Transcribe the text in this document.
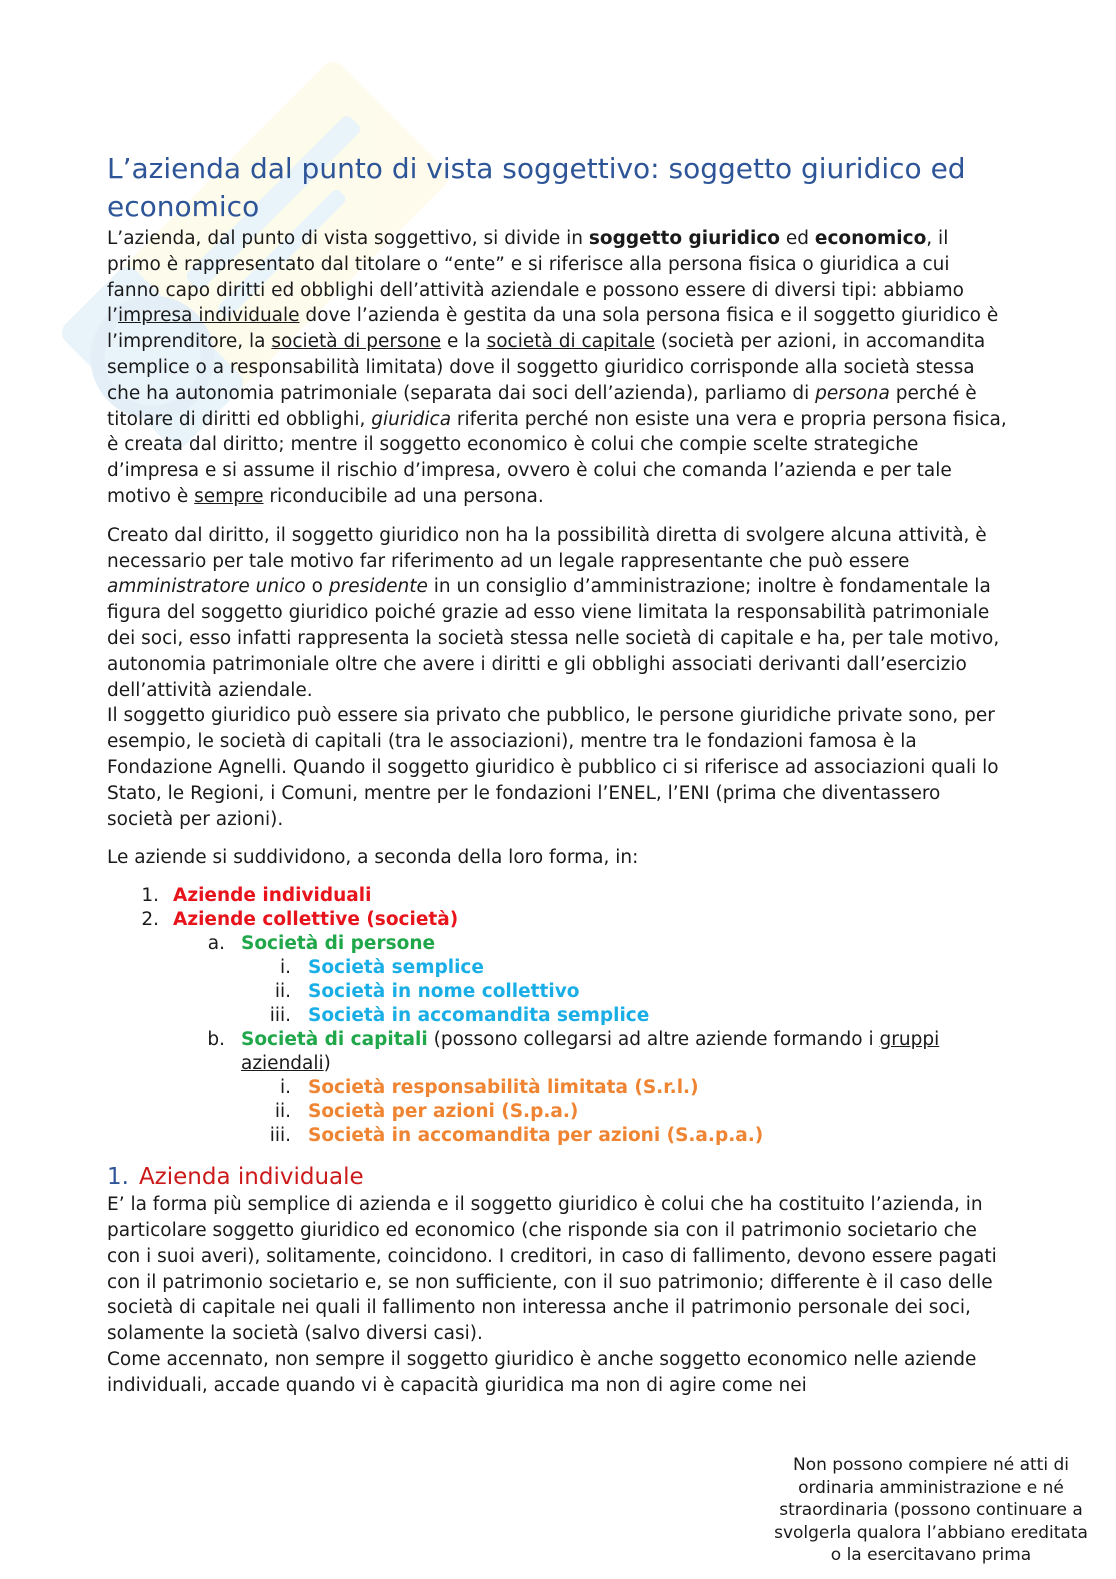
L’azienda dal punto di vista soggettivo: soggetto giuridico ed economico

L’azienda, dal punto di vista soggettivo, si divide in soggetto giuridico ed economico, il primo è rappresentato dal titolare o “ente” e si riferisce alla persona fisica o giuridica a cui fanno capo diritti ed obblighi dell’attività aziendale e possono essere di diversi tipi: abbiamo l’impresa individuale dove l’azienda è gestita da una sola persona fisica e il soggetto giuridico è l’imprenditore, la società di persone e la società di capitale (società per azioni, in accomandita semplice o a responsabilità limitata) dove il soggetto giuridico corrisponde alla società stessa che ha autonomia patrimoniale (separata dai soci dell’azienda), parliamo di persona perché è titolare di diritti ed obblighi, giuridica riferita perché non esiste una vera e propria persona fisica, è creata dal diritto; mentre il soggetto economico è colui che compie scelte strategiche d’impresa e si assume il rischio d’impresa, ovvero è colui che comanda l’azienda e per tale motivo è sempre riconducibile ad una persona.

Creato dal diritto, il soggetto giuridico non ha la possibilità diretta di svolgere alcuna attività, è necessario per tale motivo far riferimento ad un legale rappresentante che può essere amministratore unico o presidente in un consiglio d’amministrazione; inoltre è fondamentale la figura del soggetto giuridico poiché grazie ad esso viene limitata la responsabilità patrimoniale dei soci, esso infatti rappresenta la società stessa nelle società di capitale e ha, per tale motivo, autonomia patrimoniale oltre che avere i diritti e gli obblighi associati derivanti dall’esercizio dell’attività aziendale.

Il soggetto giuridico può essere sia privato che pubblico, le persone giuridiche private sono, per esempio, le società di capitali (tra le associazioni), mentre tra le fondazioni famosa è la Fondazione Agnelli. Quando il soggetto giuridico è pubblico ci si riferisce ad associazioni quali lo Stato, le Regioni, i Comuni, mentre per le fondazioni l’ENEL, l’ENI (prima che diventassero società per azioni).

Le aziende si suddividono, a seconda della loro forma, in:

1. Aziende individuali
2. Aziende collettive (società)
a. Società di persone
i. Società semplice
ii. Società in nome collettivo
iii. Società in accomandita semplice
b. Società di capitali (possono collegarsi ad altre aziende formando i gruppi aziendali)
i. Società responsabilità limitata (S.r.l.)
ii. Società per azioni (S.p.a.)
iii. Società in accomandita per azioni (S.a.p.a.)
1. Azienda individuale

E’ la forma più semplice di azienda e il soggetto giuridico è colui che ha costituito l’azienda, in particolare soggetto giuridico ed economico (che risponde sia con il patrimonio societario che con i suoi averi), solitamente, coincidono. I creditori, in caso di fallimento, devono essere pagati con il patrimonio societario e, se non sufficiente, con il suo patrimonio; differente è il caso delle società di capitale nei quali il fallimento non interessa anche il patrimonio personale dei soci, solamente la società (salvo diversi casi).

Come accennato, non sempre il soggetto giuridico è anche soggetto economico nelle aziende individuali, accade quando vi è capacità giuridica ma non di agire come nei

Non possono compiere né atti di ordinaria amministrazione e né straordinaria (possono continuare a svolgerla qualora l’abbiano ereditata o la esercitavano prima
